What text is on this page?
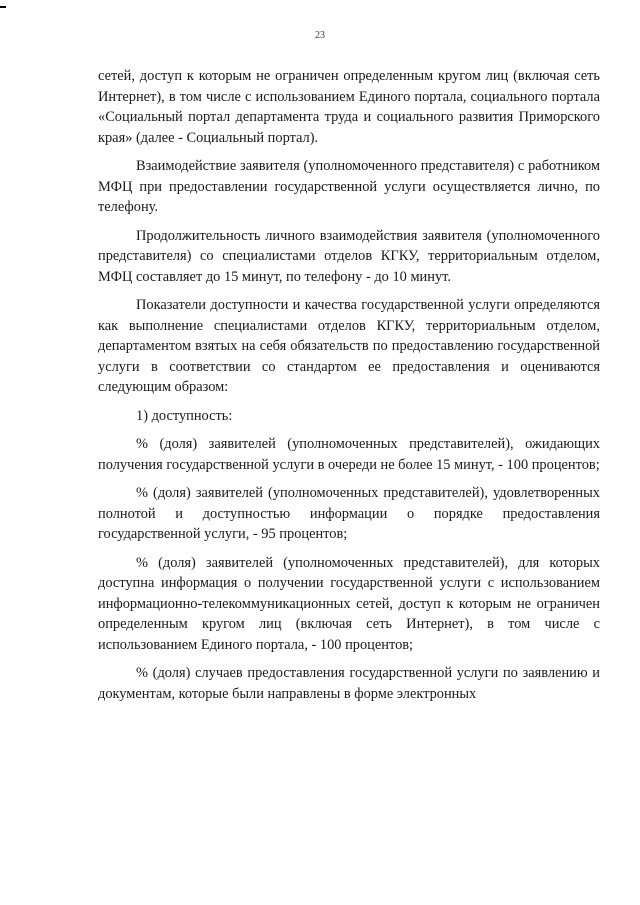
23

сетей, доступ к которым не ограничен определенным кругом лиц (включая сеть Интернет), в том числе с использованием Единого портала, социального портала «Социальный портал департамента труда и социального развития Приморского края» (далее - Социальный портал).

Взаимодействие заявителя (уполномоченного представителя) с работником МФЦ при предоставлении государственной услуги осуществляется лично, по телефону.

Продолжительность личного взаимодействия заявителя (уполномоченного представителя) со специалистами отделов КГКУ, территориальным отделом, МФЦ составляет до 15 минут, по телефону - до 10 минут.

Показатели доступности и качества государственной услуги определяются как выполнение специалистами отделов КГКУ, территориальным отделом, департаментом взятых на себя обязательств по предоставлению государственной услуги в соответствии со стандартом ее предоставления и оцениваются следующим образом:

1) доступность:

% (доля) заявителей (уполномоченных представителей), ожидающих получения государственной услуги в очереди не более 15 минут, - 100 процентов;

% (доля) заявителей (уполномоченных представителей), удовлетворенных полнотой и доступностью информации о порядке предоставления государственной услуги, - 95 процентов;

% (доля) заявителей (уполномоченных представителей), для которых доступна информация о получении государственной услуги с использованием информационно-телекоммуникационных сетей, доступ к которым не ограничен определенным кругом лиц (включая сеть Интернет), в том числе с использованием Единого портала, - 100 процентов;

% (доля) случаев предоставления государственной услуги по заявлению и документам, которые были направлены в форме электронных
